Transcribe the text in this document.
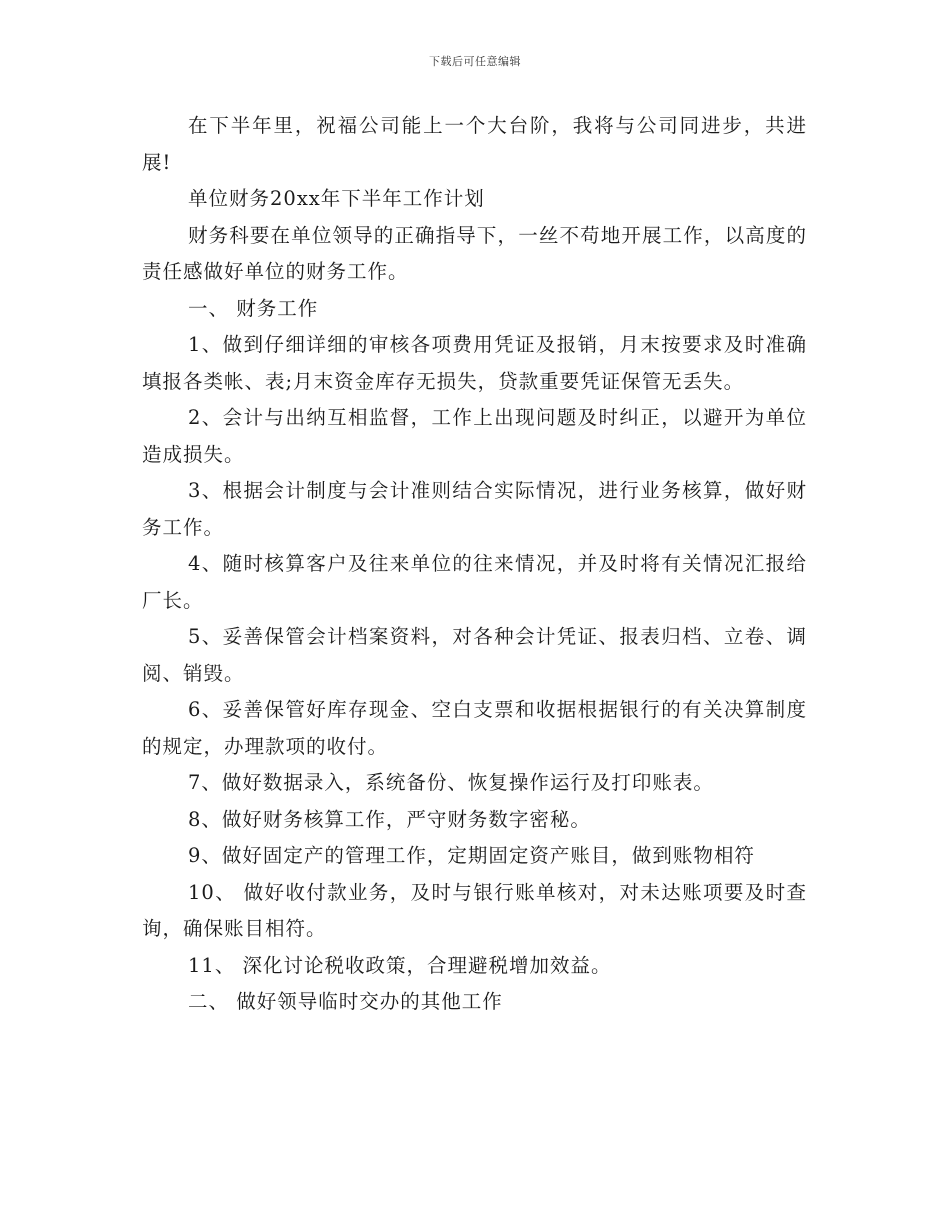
下载后可任意编辑

在下半年里，祝福公司能上一个大台阶，我将与公司同进步，共进展!

单位财务20xx年下半年工作计划

财务科要在单位领导的正确指导下，一丝不苟地开展工作，以高度的责任感做好单位的财务工作。

一、 财务工作

1、做到仔细详细的审核各项费用凭证及报销，月末按要求及时准确填报各类帐、表;月末资金库存无损失，贷款重要凭证保管无丢失。

2、会计与出纳互相监督，工作上出现问题及时纠正，以避开为单位造成损失。

3、根据会计制度与会计准则结合实际情况，进行业务核算，做好财务工作。

4、随时核算客户及往来单位的往来情况，并及时将有关情况汇报给厂长。

5、妥善保管会计档案资料，对各种会计凭证、报表归档、立卷、调阅、销毁。

6、妥善保管好库存现金、空白支票和收据根据银行的有关决算制度的规定，办理款项的收付。

7、做好数据录入，系统备份、恢复操作运行及打印账表。

8、做好财务核算工作，严守财务数字密秘。

9、做好固定产的管理工作，定期固定资产账目，做到账物相符

10、 做好收付款业务，及时与银行账单核对，对未达账项要及时查询，确保账目相符。

11、 深化讨论税收政策，合理避税增加效益。

二、 做好领导临时交办的其他工作
